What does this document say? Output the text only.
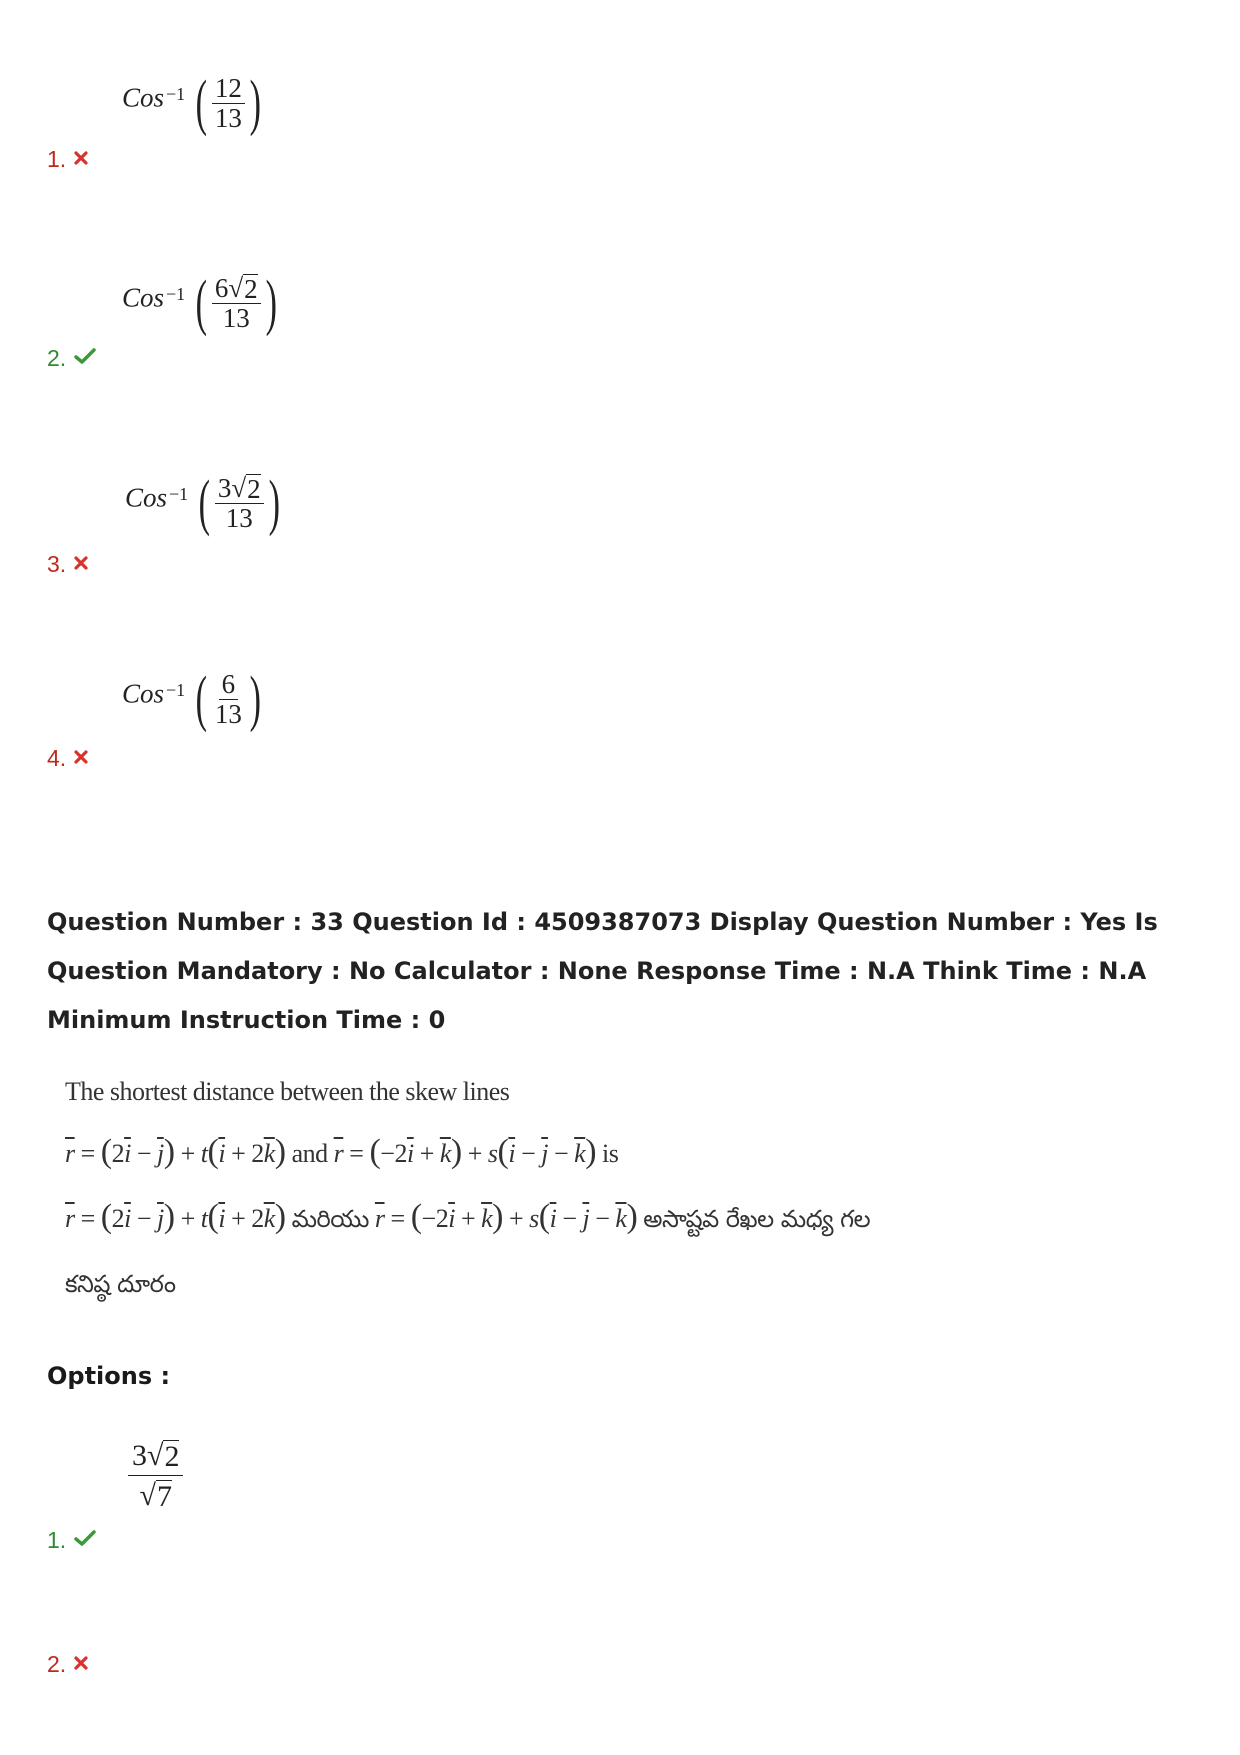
Cos −1 ( $\frac{12}{13}$ )
1.
Cos −1 ( $\frac{6√ 2}{13}$ )
2.
Cos −1 ( $\frac{3√ 2}{13}$ )
3.
Cos −1 ( $\frac{6}{13}$ )
4.
Question Number : 33 Question Id : 4509387073 Display Question Number : Yes Is Question Mandatory : No Calculator : None Response Time : N.A Think Time : N.A Minimum Instruction Time : 0
The shortest distance between the skew lines
$\overline{r} = (2\overline{i} - \overline{j}) + t(\overline{i} + 2\overline{k})$ and $\overline{r} = (-2\overline{i} + \overline{k}) + s(\overline{i} - \overline{j} - \overline{k})$ is
$\overline{r} = (2\overline{i} - \overline{j}) + t(\overline{i} + 2\overline{k})$ మరియు $\overline{r} = (-2\overline{i} + \overline{k}) + s(\overline{i} - \overline{j} - \overline{k})$ అసాష్టవ రేఖల మధ్య గల
కనిష్ఠ దూరం
Options :
$\frac{3√ 2}{√ 7}$
1.
2.
